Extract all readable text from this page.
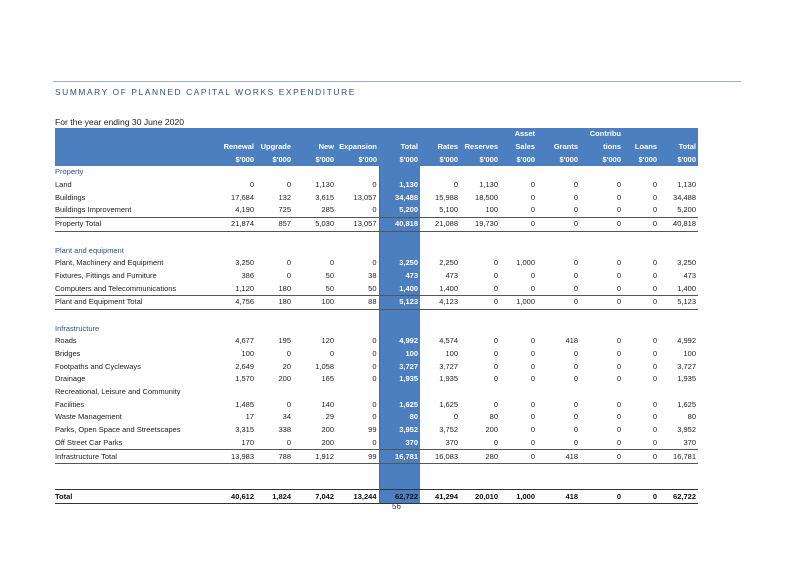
SUMMARY OF PLANNED CAPITAL WORKS EXPENDITURE
For the year ending 30 June 2020
								Asset		Contribu		
	Renewal	Upgrade	New	Expansion	Total	Rates	Reserves	Sales	Grants	tions	Loans	Total
	$'000	$'000	$'000	$'000	$'000	$'000	$'000	$'000	$'000	$'000	$'000	$'000
Property												
Land	0	0	1,130	0	1,130	0	1,130	0	0	0	0	1,130
Buildings	17,684	132	3,615	13,057	34,488	15,988	18,500	0	0	0	0	34,488
Buildings Improvement	4,190	725	285	0	5,200	5,100	100	0	0	0	0	5,200
Property Total	21,874	857	5,030	13,057	40,818	21,088	19,730	0	0	0	0	40,818

Plant and equipment												
Plant, Machinery and Equipment	3,250	0	0	0	3,250	2,250	0	1,000	0	0	0	3,250
Fixtures, Fittings and Furniture	386	0	50	38	473	473	0	0	0	0	0	473
Computers and Telecommunications	1,120	180	50	50	1,400	1,400	0	0	0	0	0	1,400
Plant and Equipment Total	4,756	180	100	88	5,123	4,123	0	1,000	0	0	0	5,123

Infrastructure												
Roads	4,677	195	120	0	4,992	4,574	0	0	418	0	0	4,992
Bridges	100	0	0	0	100	100	0	0	0	0	0	100
Footpaths and Cycleways	2,649	20	1,058	0	3,727	3,727	0	0	0	0	0	3,727
Drainage	1,570	200	165	0	1,935	1,935	0	0	0	0	0	1,935
Recreational, Leisure and Community												
Facilities	1,485	0	140	0	1,625	1,625	0	0	0	0	0	1,625
Waste Management	17	34	29	0	80	0	80	0	0	0	0	80
Parks, Open Space and Streetscapes	3,315	338	200	99	3,952	3,752	200	0	0	0	0	3,952
Off Street Car Parks	170	0	200	0	370	370	0	0	0	0	0	370
Infrastructure Total	13,983	788	1,912	99	16,781	16,083	280	0	418	0	0	16,781

Total	40,612	1,824	7,042	13,244	62,722	41,294	20,010	1,000	418	0	0	62,722
56
